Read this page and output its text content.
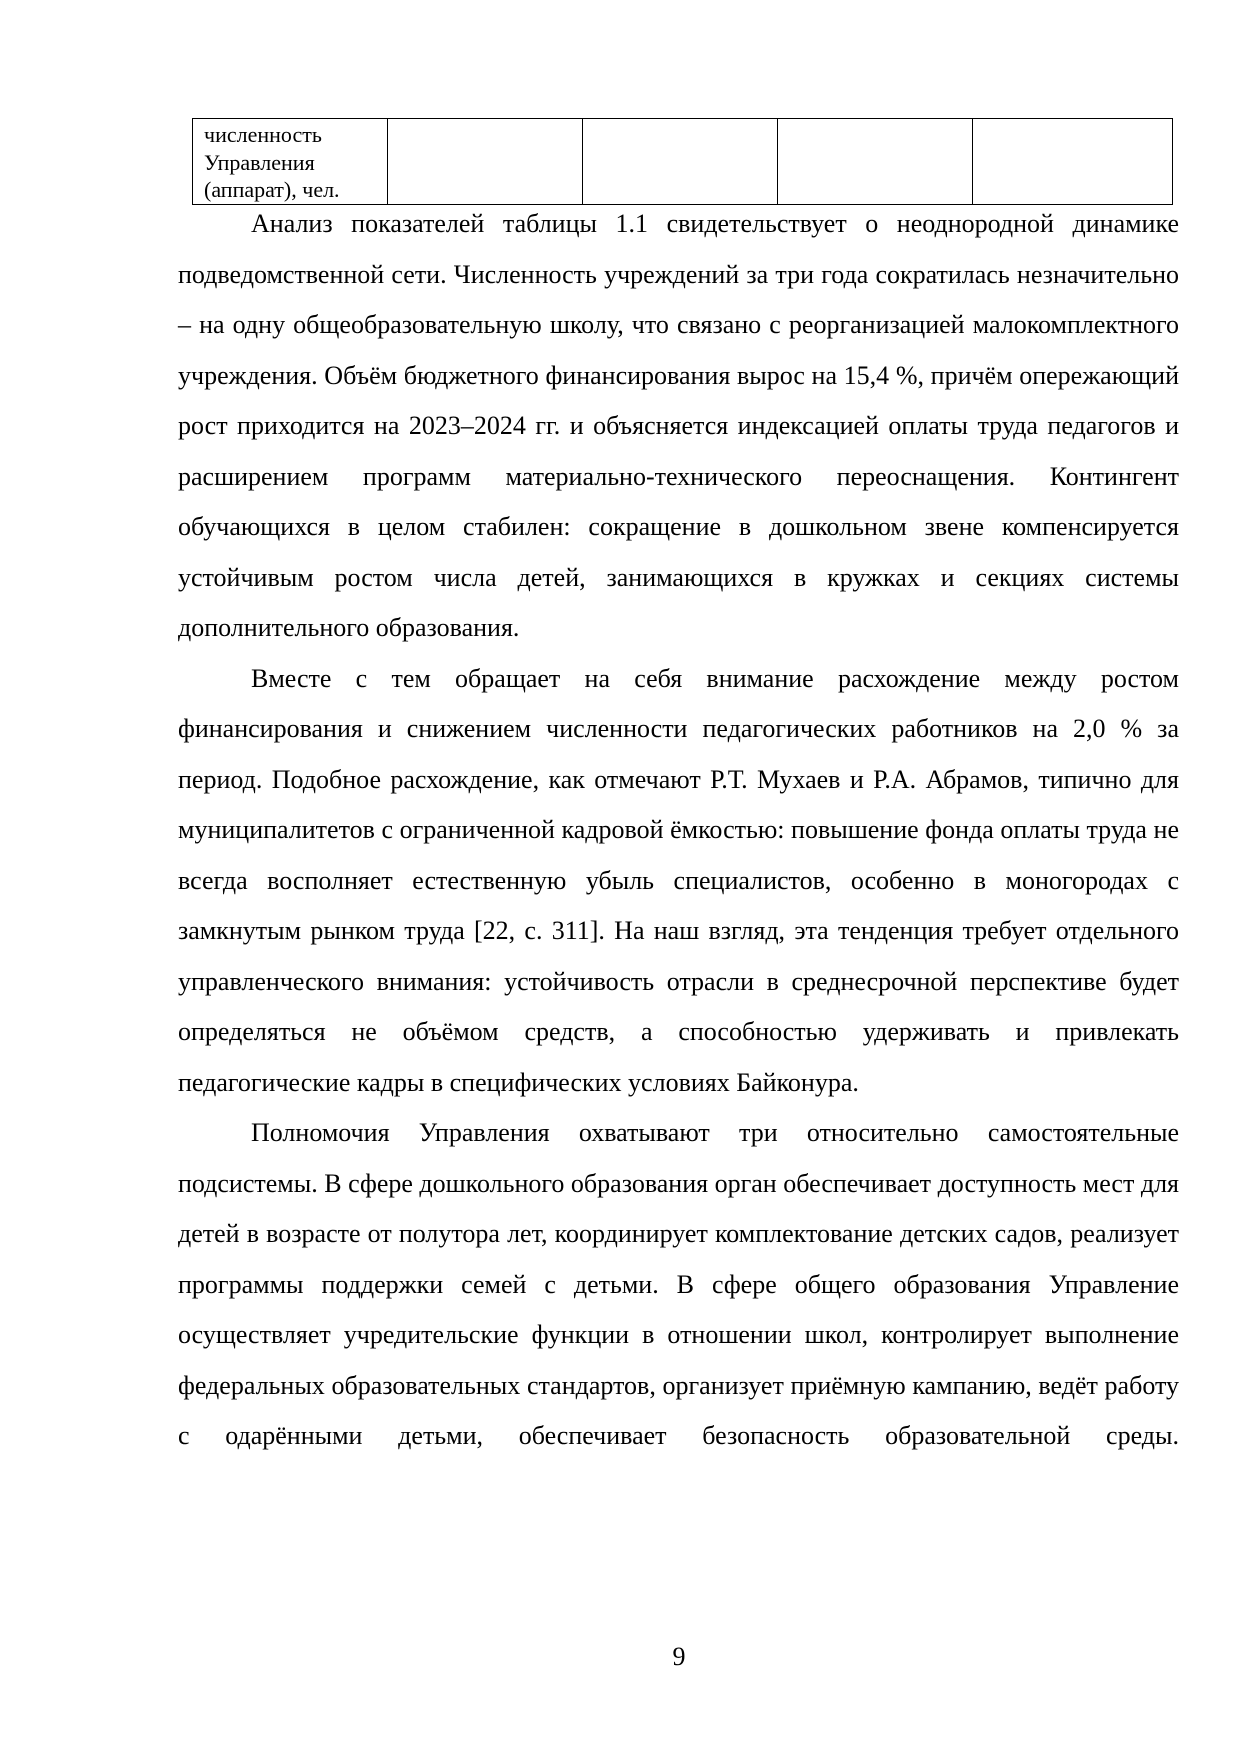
численность
Управления
(аппарат), чел.

Анализ показателей таблицы 1.1 свидетельствует о неоднородной динамике подведомственной сети. Численность учреждений за три года сократилась незначительно – на одну общеобразовательную школу, что связано с реорганизацией малокомплектного учреждения. Объём бюджетного финансирования вырос на 15,4 %, причём опережающий рост приходится на 2023–2024 гг. и объясняется индексацией оплаты труда педагогов и расширением программ материально-технического переоснащения. Контингент обучающихся в целом стабилен: сокращение в дошкольном звене компенсируется устойчивым ростом числа детей, занимающихся в кружках и секциях системы дополнительного образования.

Вместе с тем обращает на себя внимание расхождение между ростом финансирования и снижением численности педагогических работников на 2,0 % за период. Подобное расхождение, как отмечают Р.Т. Мухаев и Р.А. Абрамов, типично для муниципалитетов с ограниченной кадровой ёмкостью: повышение фонда оплаты труда не всегда восполняет естественную убыль специалистов, особенно в моногородах с замкнутым рынком труда [22, с. 311]. На наш взгляд, эта тенденция требует отдельного управленческого внимания: устойчивость отрасли в среднесрочной перспективе будет определяться не объёмом средств, а способностью удерживать и привлекать педагогические кадры в специфических условиях Байконура.

Полномочия Управления охватывают три относительно самостоятельные подсистемы. В сфере дошкольного образования орган обеспечивает доступность мест для детей в возрасте от полутора лет, координирует комплектование детских садов, реализует программы поддержки семей с детьми. В сфере общего образования Управление осуществляет учредительские функции в отношении школ, контролирует выполнение федеральных образовательных стандартов, организует приёмную кампанию, ведёт работу с одарёнными детьми, обеспечивает безопасность образовательной среды.

9
